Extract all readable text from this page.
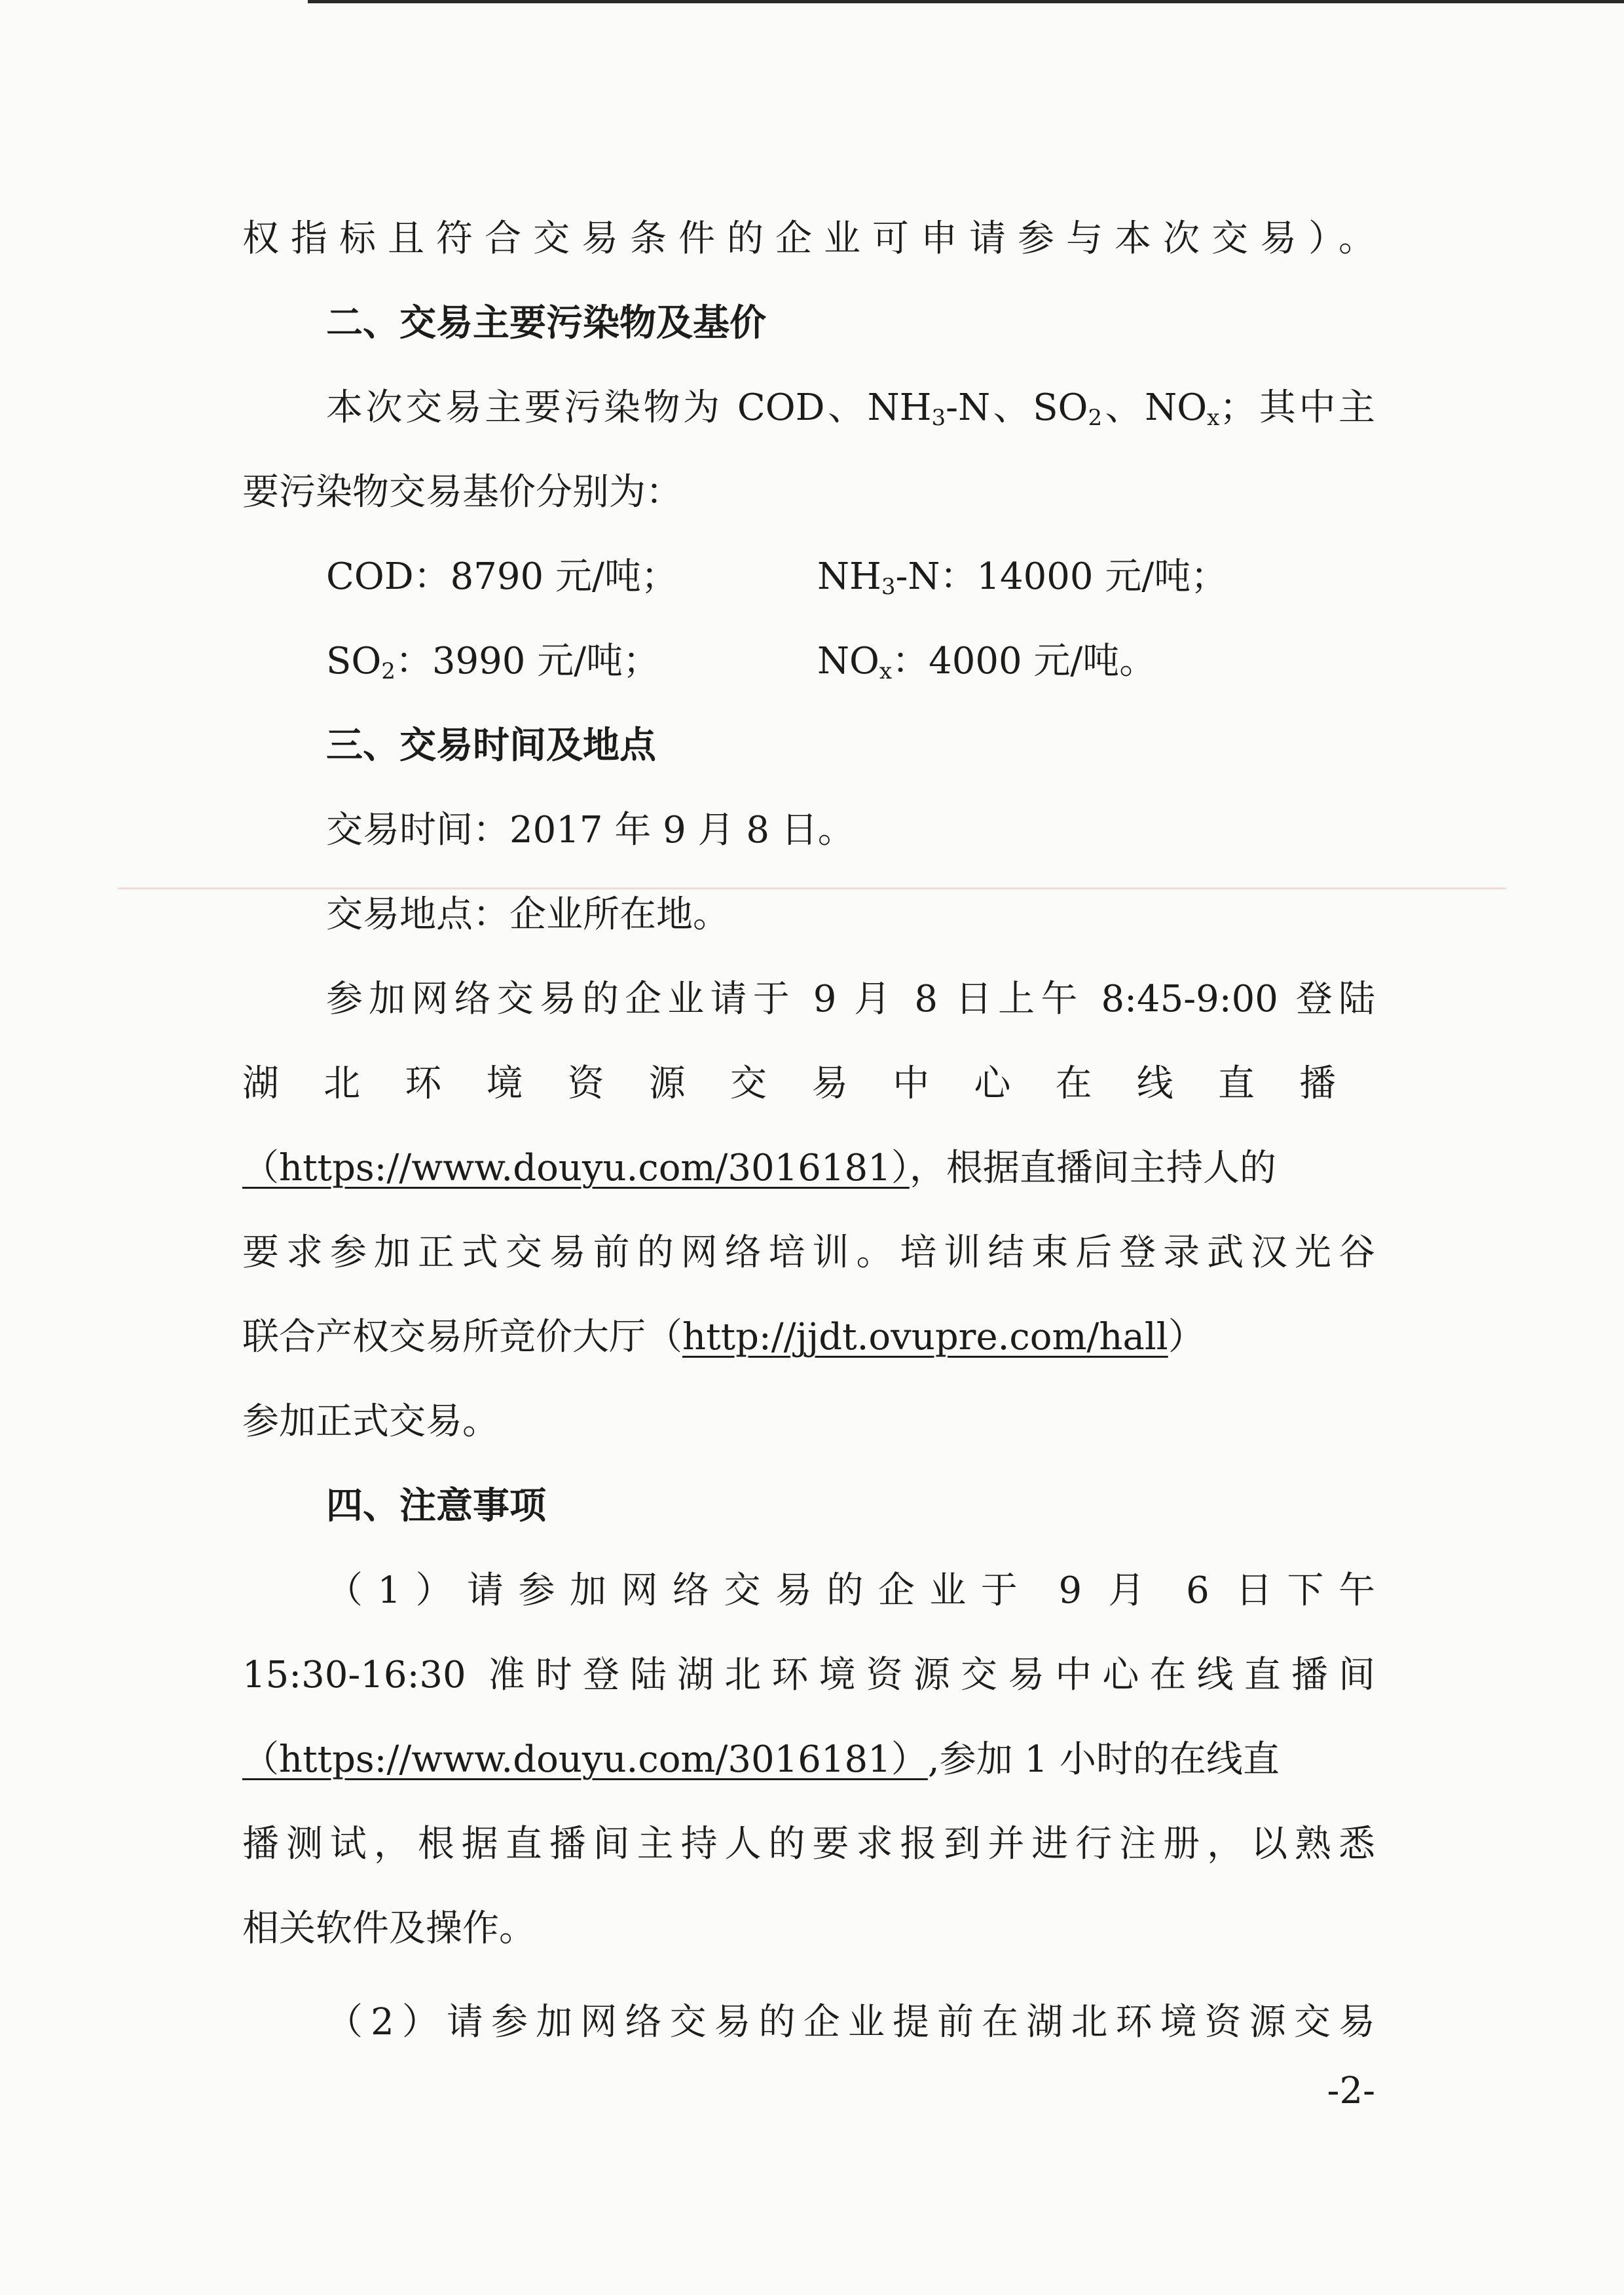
权指标且符合交易条件的企业可申请参与本次交易）。
二、交易主要污染物及基价
本次交易主要污染物为 COD、$NH_3-N$、$SO_2$、$NO_x$；其中主
要污染物交易基价分别为：
COD：8790 元/吨；	$NH_3-N$：14000 元/吨；
$SO_2$：3990 元/吨；	$NO_x$：4000 元/吨。
三、交易时间及地点
交易时间：2017 年 9 月 8 日。
交易地点：企业所在地。
参加网络交易的企业请于 9 月 8 日上午 8:45-9:00 登陆
湖北环境资源交易中心在线直播
（https://www.douyu.com/3016181），根据直播间主持人的
要求参加正式交易前的网络培训。培训结束后登录武汉光谷
联合产权交易所竞价大厅（http://jjdt.ovupre.com/hall）
参加正式交易。
四、注意事项
（1）请参加网络交易的企业于 9 月 6 日下午
15:30-16:30 准时登陆湖北环境资源交易中心在线直播间
（https://www.douyu.com/3016181）,参加 1 小时的在线直
播测试，根据直播间主持人的要求报到并进行注册，以熟悉
相关软件及操作。
（2）请参加网络交易的企业提前在湖北环境资源交易
-2-
